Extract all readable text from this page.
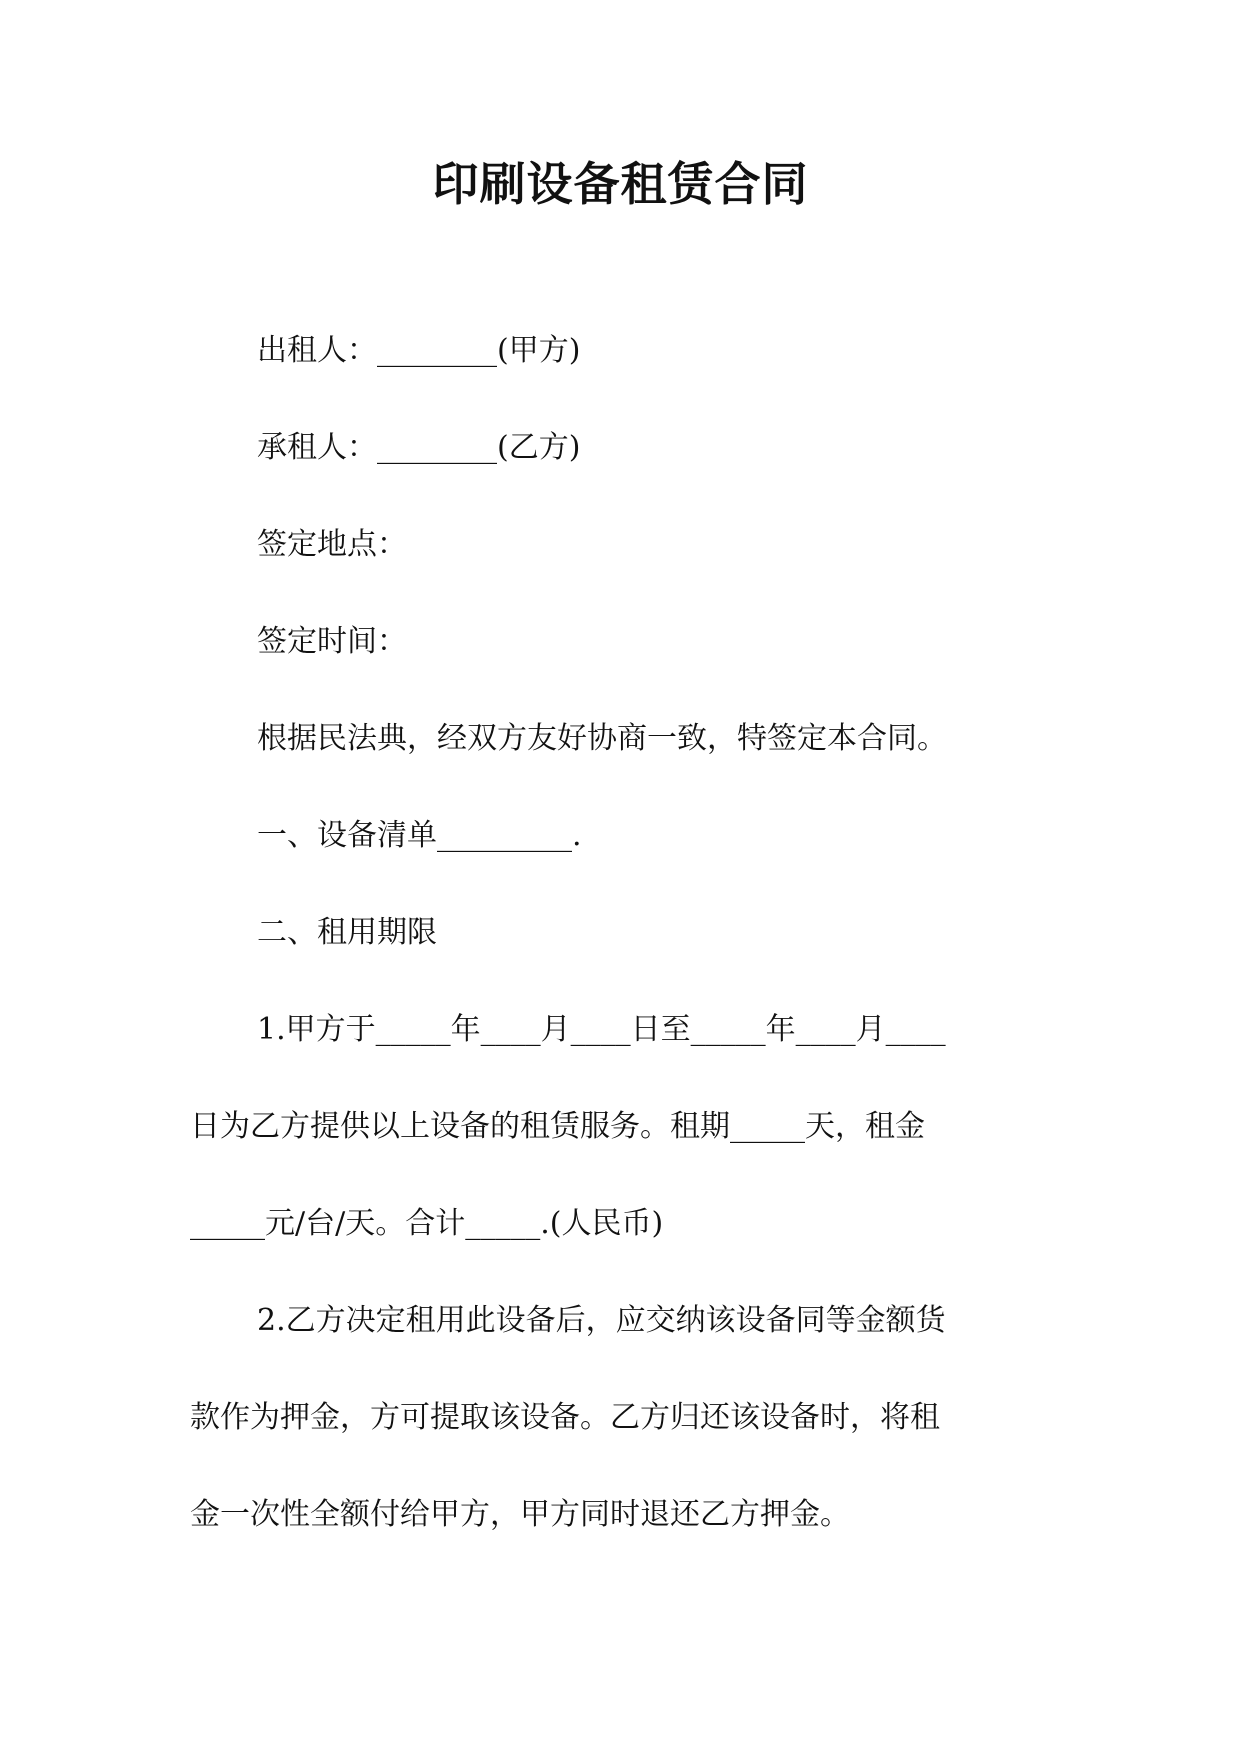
印刷设备租赁合同

出租人：________(甲方)

承租人：________(乙方)

签定地点：

签定时间：

根据民法典，经双方友好协商一致，特签定本合同。

一、设备清单_________.

二、租用期限

1.甲方于_____年____月____日至_____年____月____

日为乙方提供以上设备的租赁服务。租期_____天，租金

_____元/台/天。合计_____.(人民币)

2.乙方决定租用此设备后，应交纳该设备同等金额货

款作为押金，方可提取该设备。乙方归还该设备时，将租

金一次性全额付给甲方，甲方同时退还乙方押金。
